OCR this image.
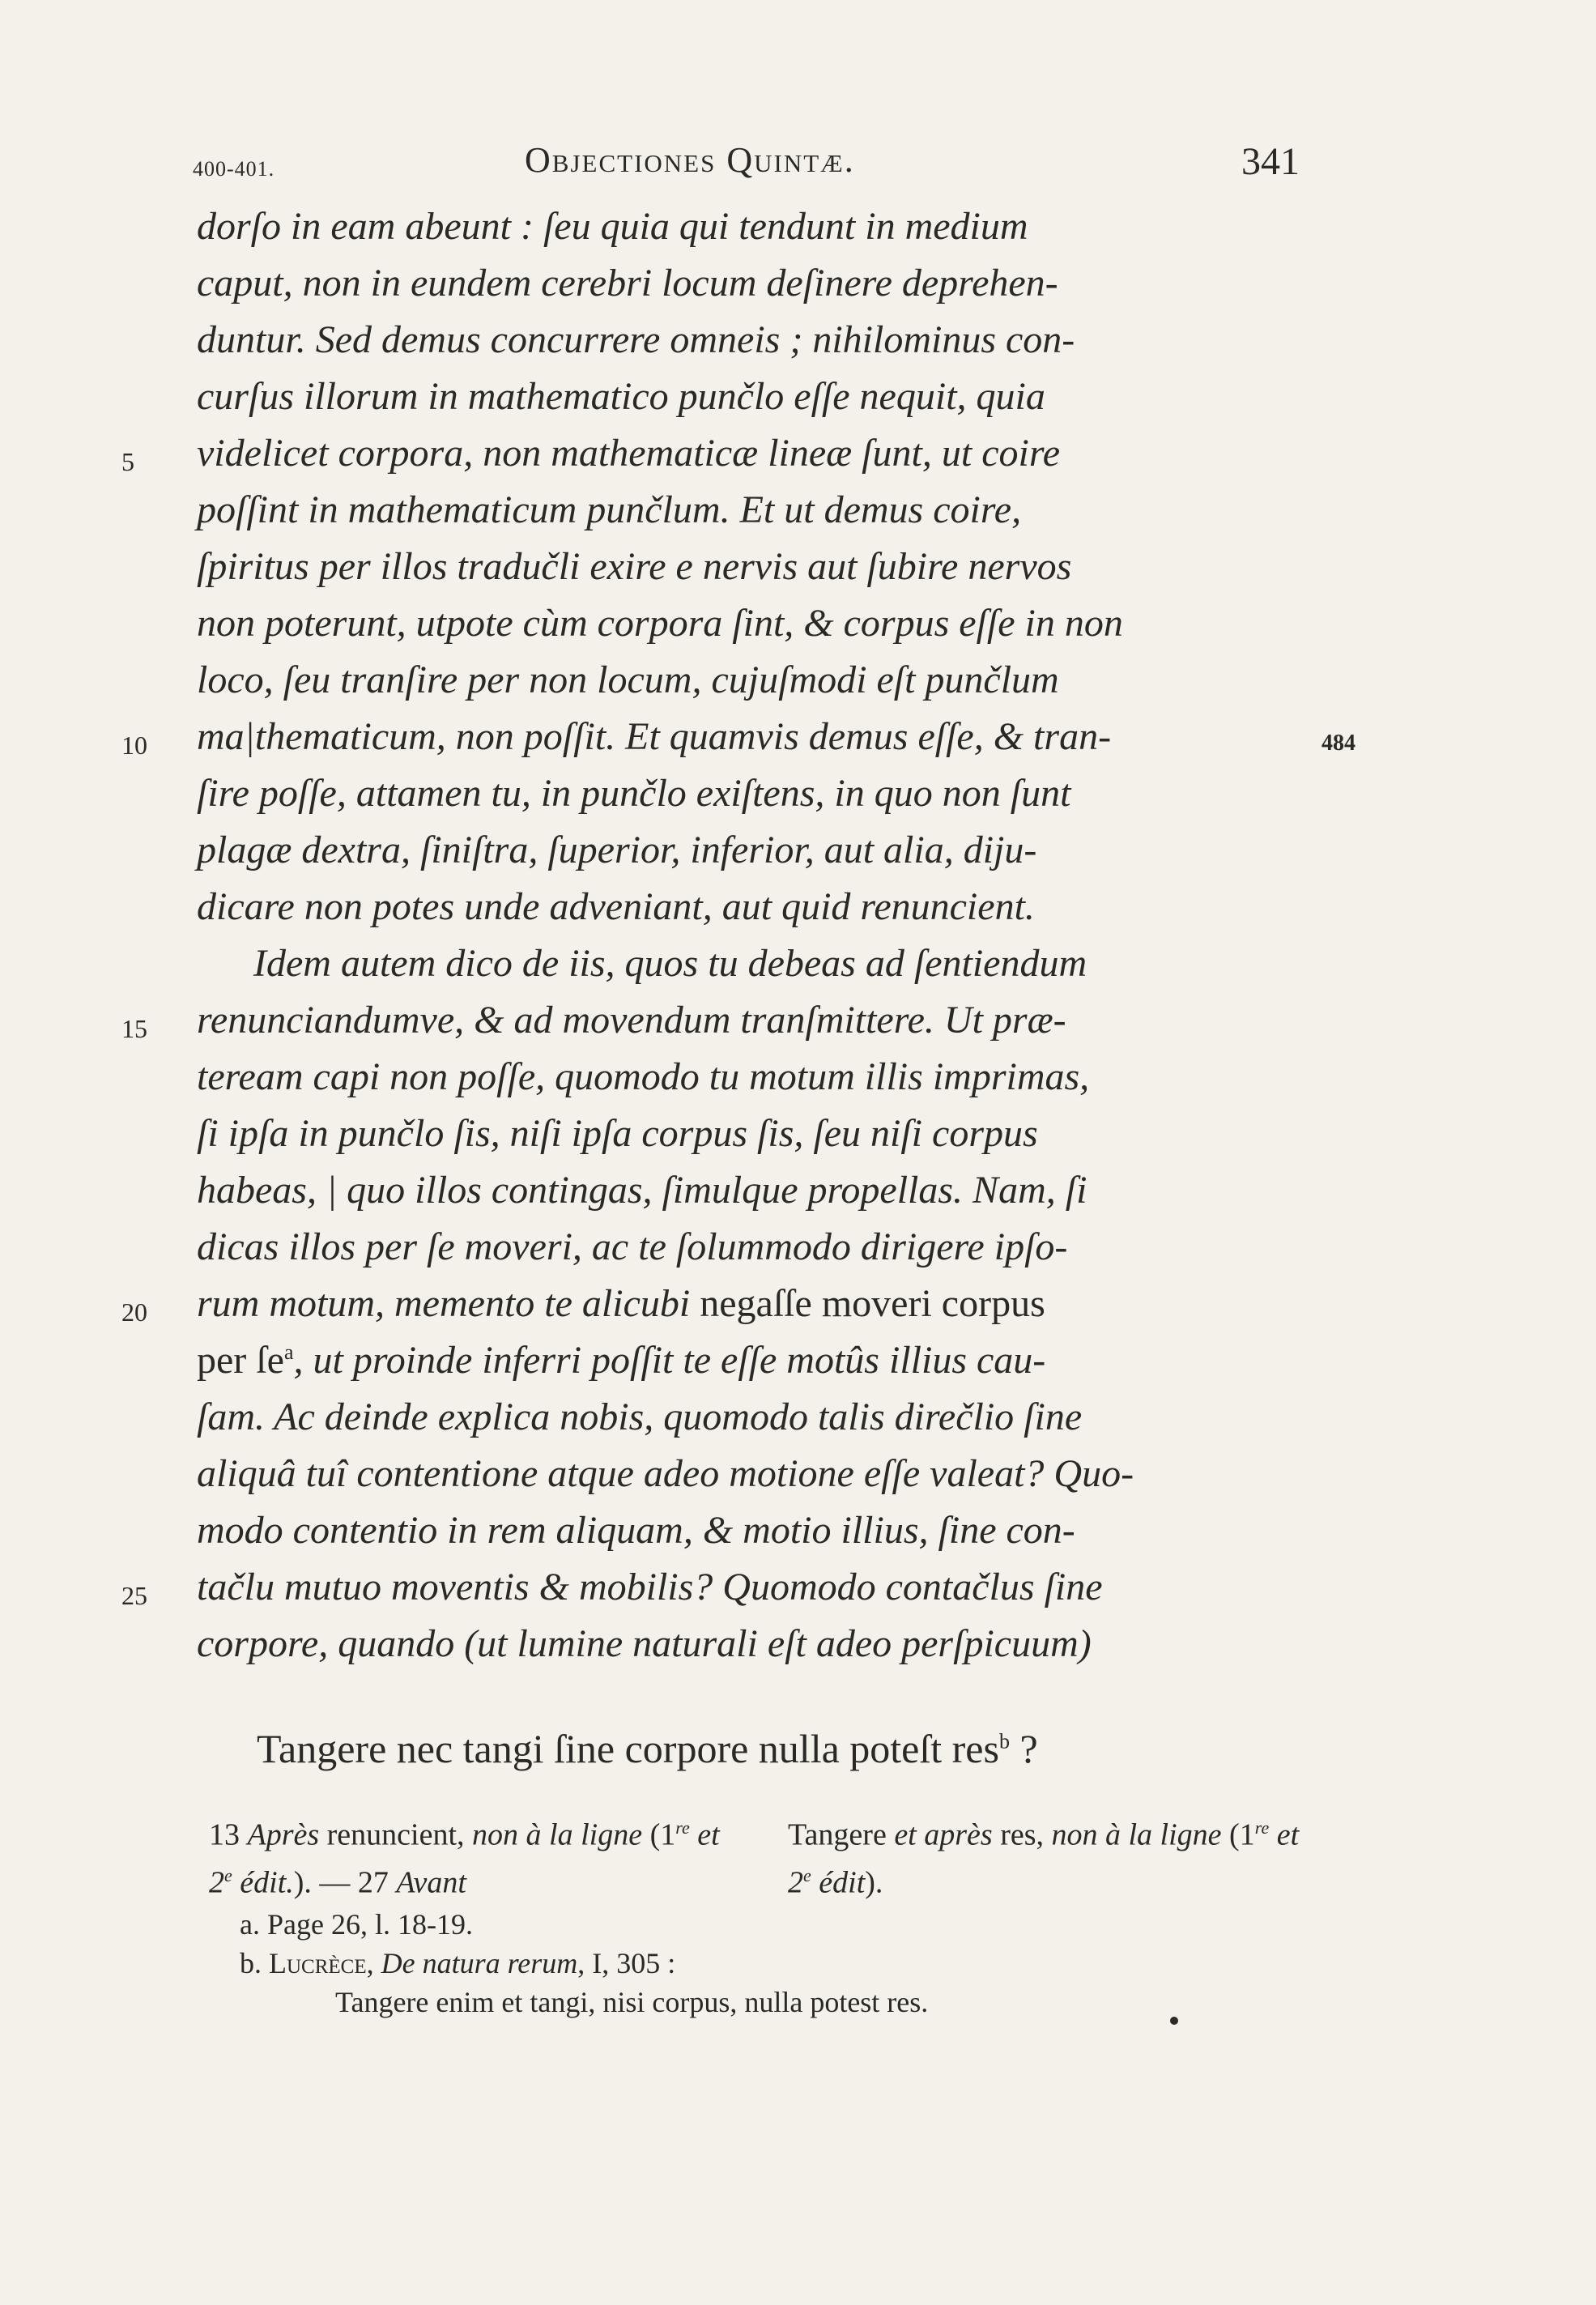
400-401.	Objectiones Quintæ.	341
dorſo in eam abeunt : ſeu quia qui tendunt in medium
caput, non in eundem cerebri locum deſinere deprehen-
duntur. Sed demus concurrere omneis ; nihilominus con-
curſus illorum in mathematico punčlo eſſe nequit, quia
5	videlicet corpora, non mathematicæ lineæ ſunt, ut coire
poſſint in mathematicum punčlum. Et ut demus coire,
ſpiritus per illos tradučli exire e nervis aut ſubire nervos
non poterunt, utpote cùm corpora ſint, & corpus eſſe in non
loco, ſeu tranſire per non locum, cujuſmodi eſt punčlum
10	ma|thematicum, non poſſit. Et quamvis demus eſſe, & tran-	484
ſire poſſe, attamen tu, in punčlo exiſtens, in quo non ſunt
plagæ dextra, ſiniſtra, ſuperior, inferior, aut alia, diju-
dicare non potes unde adveniant, aut quid renuncient.
Idem autem dico de iis, quos tu debeas ad ſentiendum
15	renunciandumve, & ad movendum tranſmittere. Ut præ-
teream capi non poſſe, quomodo tu motum illis imprimas,
ſi ipſa in punčlo ſis, niſi ipſa corpus ſis, ſeu niſi corpus
habeas, | quo illos contingas, ſimulque propellas. Nam, ſi
dicas illos per ſe moveri, ac te ſolummodo dirigere ipſo-
20	rum motum, memento te alicubi negaſſe moveri corpus
per $ſe^a$, ut proinde inferri poſſit te eſſe motûs illius cau-
ſam. Ac deinde explica nobis, quomodo talis direčlio ſine
aliquâ tuî contentione atque adeo motione eſſe valeat? Quo-
modo contentio in rem aliquam, & motio illius, ſine con-
25	tačlu mutuo moventis & mobilis? Quomodo contačlus ſine
corpore, quando (ut lumine naturali eſt adeo perſpicuum)
Tangere nec tangi ſine corpore nulla poteſt res$^b$ ?
13 Après renuncient, non à la ligne (1re et 2e édit.). — 27 Avant
Tangere et après res, non à la ligne (1re et 2e édit).
a. Page 26, l. 18-19.
b. Lucrèce, De natura rerum, I, 305 :
Tangere enim et tangi, nisi corpus, nulla potest res.
